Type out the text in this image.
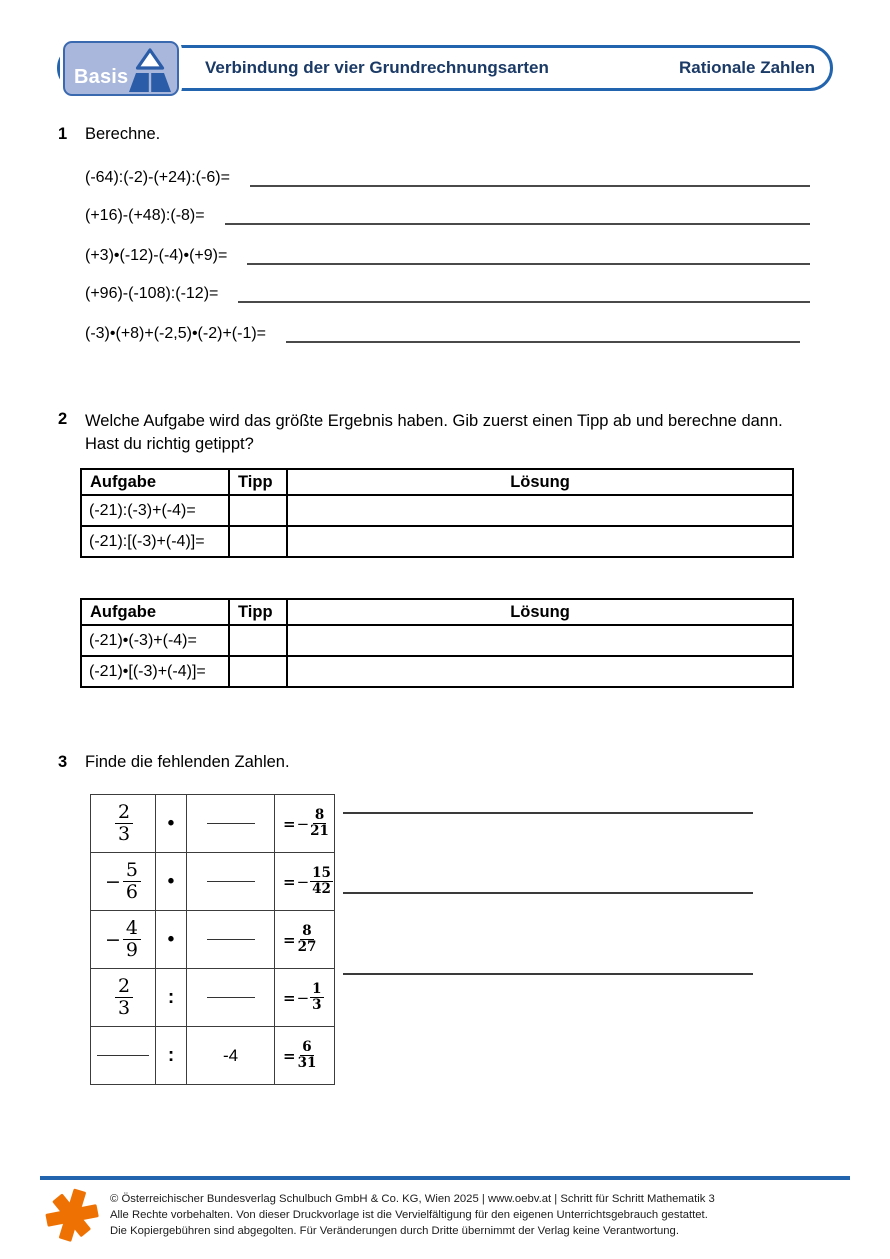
Basis	Verbindung der vier Grundrechnungsarten	Rationale Zahlen
1 Berechne.
(-64):(-2)-(+24):(-6)=
(+16)-(+48):(-8)=
(+3)•(-12)-(-4)•(+9)=
(+96)-(-108):(-12)=
(-3)•(+8)+(-2,5)•(-2)+(-1)=
2 Welche Aufgabe wird das größte Ergebnis haben. Gib zuerst einen Tipp ab und berechne dann. Hast du richtig getippt?
Aufgabe	Tipp	Lösung
(-21):(-3)+(-4)=		
(-21):[(-3)+(-4)]=		
Aufgabe	Tipp	Lösung
(-21)•(-3)+(-4)=		
(-21)•[(-3)+(-4)]=		
3 Finde die fehlenden Zahlen.
$\frac{2}{3}$	•		= − $\frac{8}{21}$

− $\frac{5}{6}$	•		= − $\frac{15}{42}$

− $\frac{4}{9}$	•		= $\frac{8}{27}$

$\frac{2}{3}$	:		= − $\frac{1}{3}$

	:	-4	= $\frac{6}{31}$
© Österreichischer Bundesverlag Schulbuch GmbH & Co. KG, Wien 2025 | www.oebv.at | Schritt für Schritt Mathematik 3
Alle Rechte vorbehalten. Von dieser Druckvorlage ist die Vervielfältigung für den eigenen Unterrichtsgebrauch gestattet.
Die Kopiergebühren sind abgegolten. Für Veränderungen durch Dritte übernimmt der Verlag keine Verantwortung.
